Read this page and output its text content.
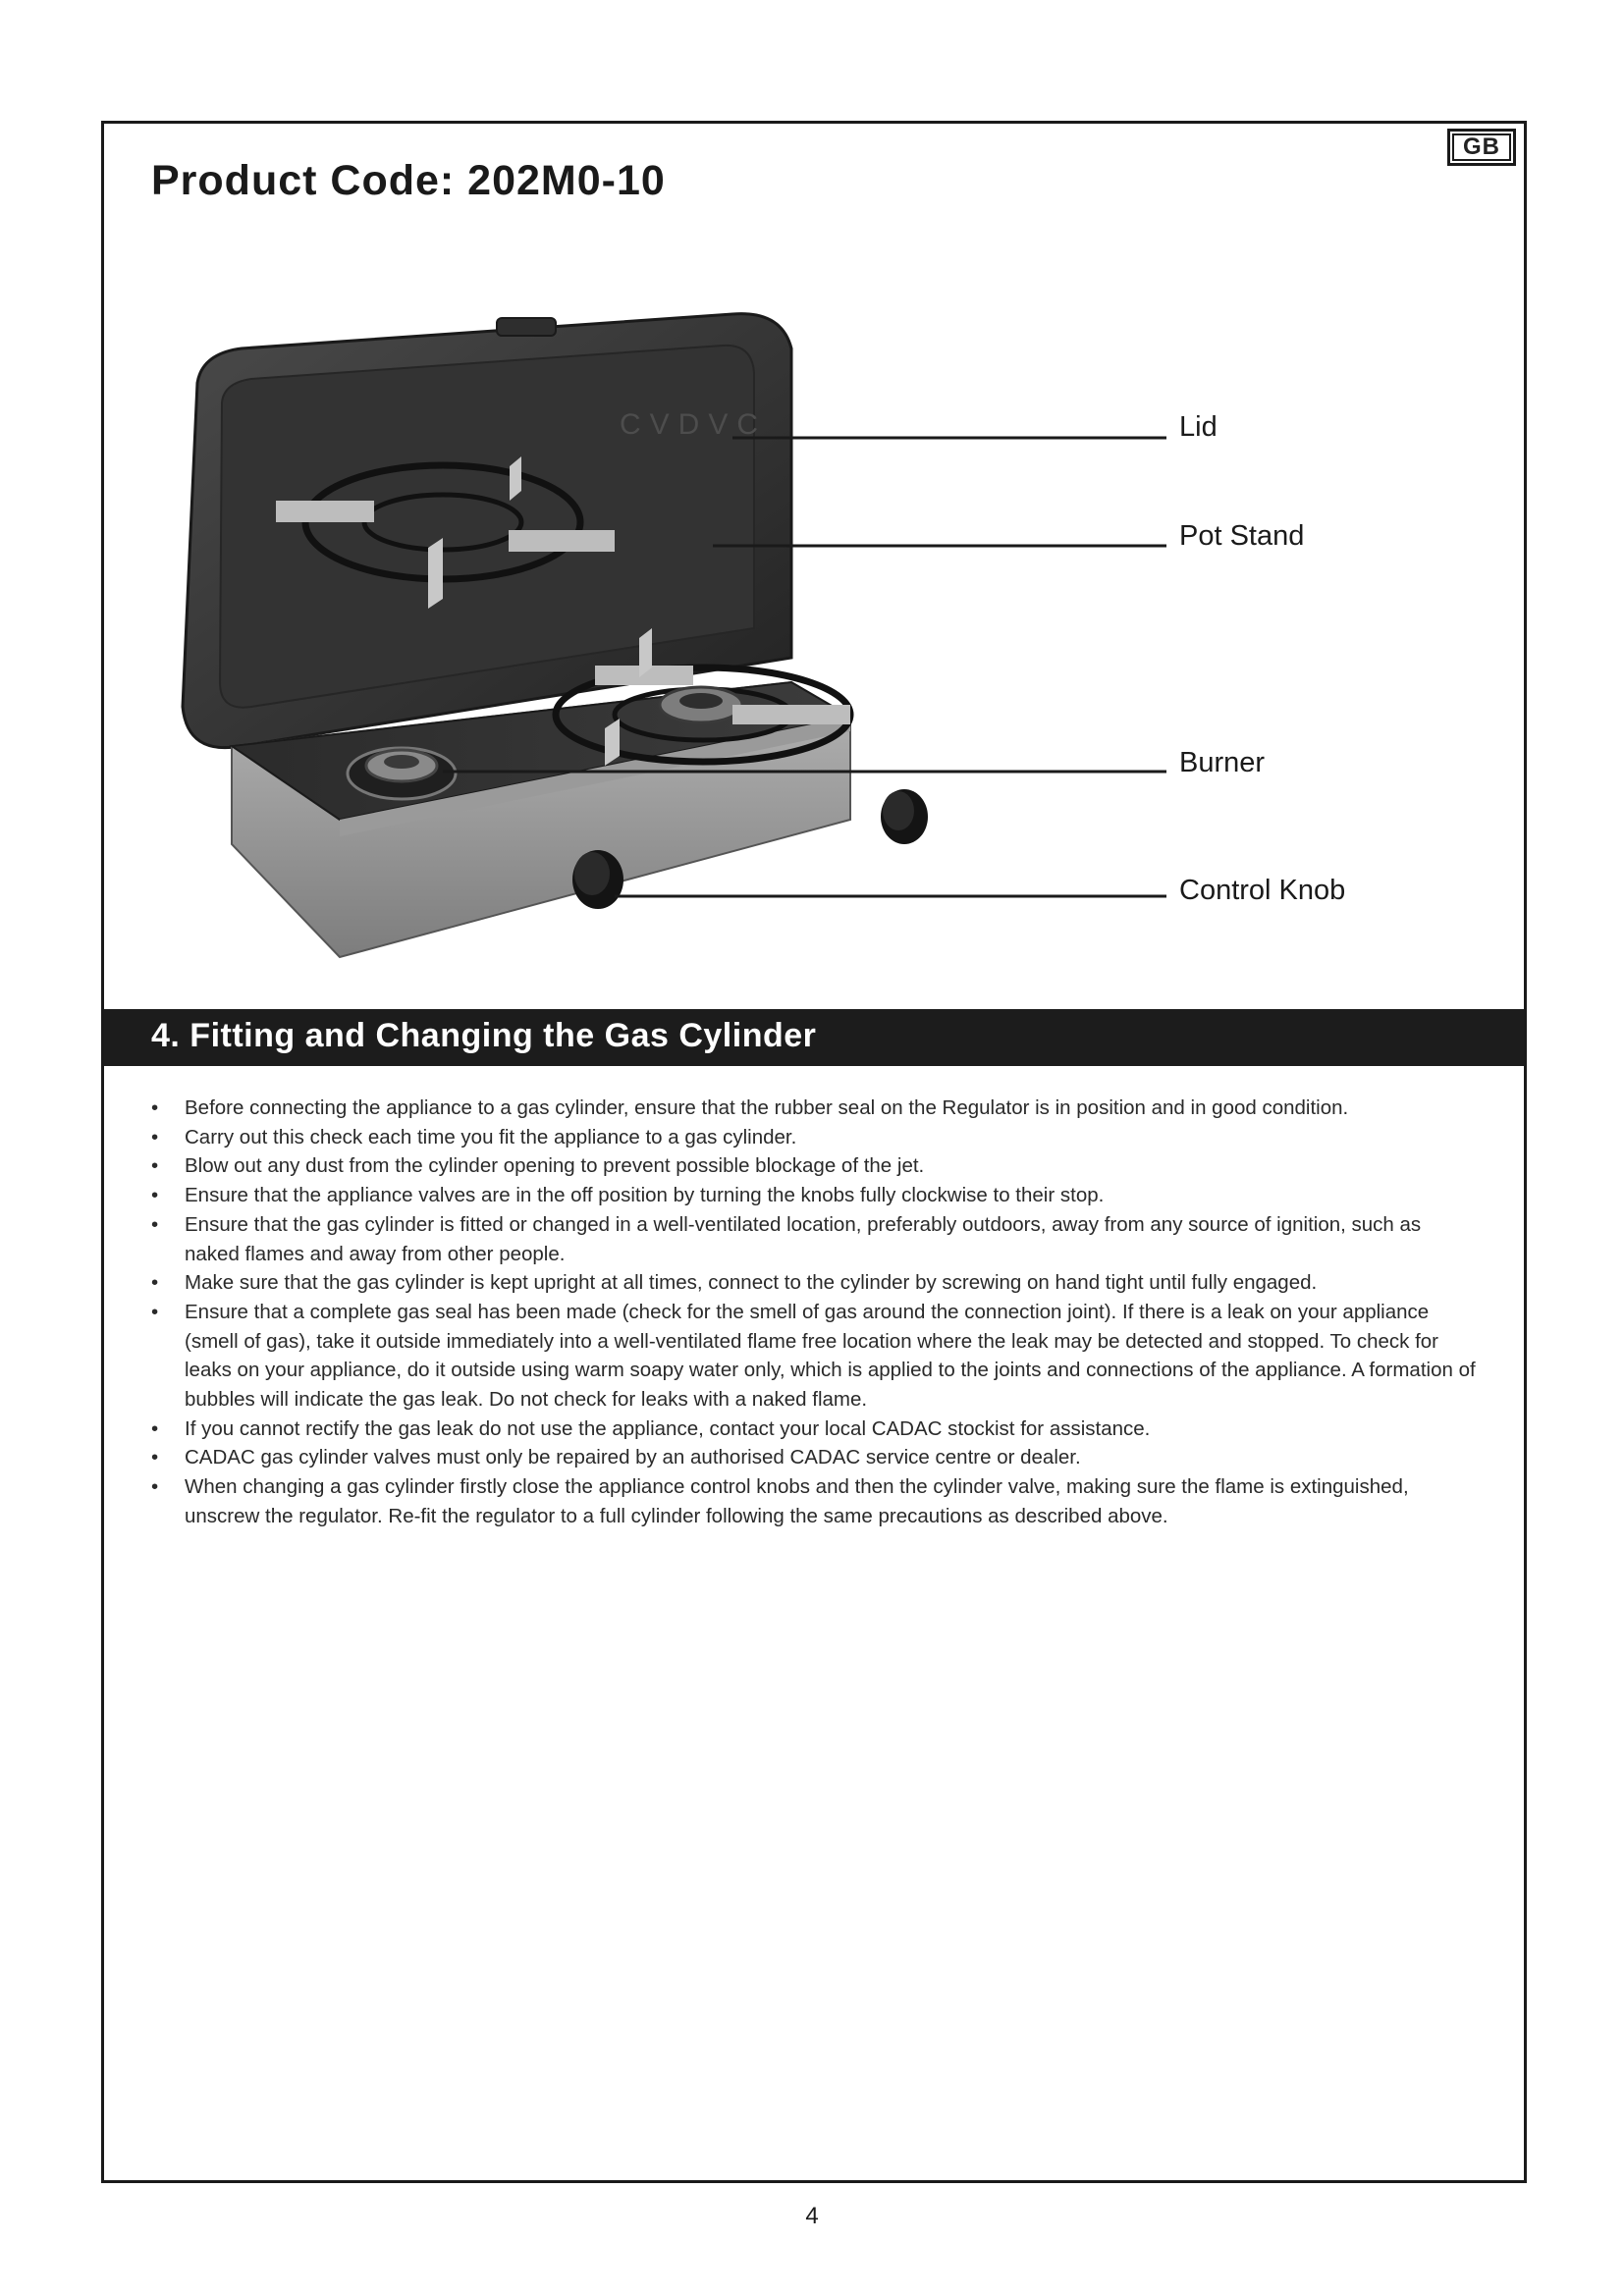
GB
Product Code: 202M0-10
CVDVC	Lid
Pot Stand
Burner
Control Knob
4. Fitting and Changing the Gas Cylinder
• Before connecting the appliance to a gas cylinder, ensure that the rubber seal on the Regulator is in position and in good condition.
• Carry out this check each time you fit the appliance to a gas cylinder.
• Blow out any dust from the cylinder opening to prevent possible blockage of the jet.
• Ensure that the appliance valves are in the off position by turning the knobs fully clockwise to their stop.
• Ensure that the gas cylinder is fitted or changed in a well-ventilated location, preferably outdoors, away from any source of ignition, such as naked flames and away from other people.
• Make sure that the gas cylinder is kept upright at all times, connect to the cylinder by screwing on hand tight until fully engaged.
• Ensure that a complete gas seal has been made (check for the smell of gas around the connection joint). If there is a leak on your appliance (smell of gas), take it outside immediately into a well-ventilated flame free location where the leak may be detected and stopped. To check for leaks on your appliance, do it outside using warm soapy water only, which is applied to the joints and connections of the appliance. A formation of bubbles will indicate the gas leak. Do not check for leaks with a naked flame.
• If you cannot rectify the gas leak do not use the appliance, contact your local CADAC stockist for assistance.
• CADAC gas cylinder valves must only be repaired by an authorised CADAC service centre or dealer.
• When changing a gas cylinder firstly close the appliance control knobs and then the cylinder valve, making sure the flame is extinguished, unscrew the regulator. Re-fit the regulator to a full cylinder following the same precautions as described above.
4
